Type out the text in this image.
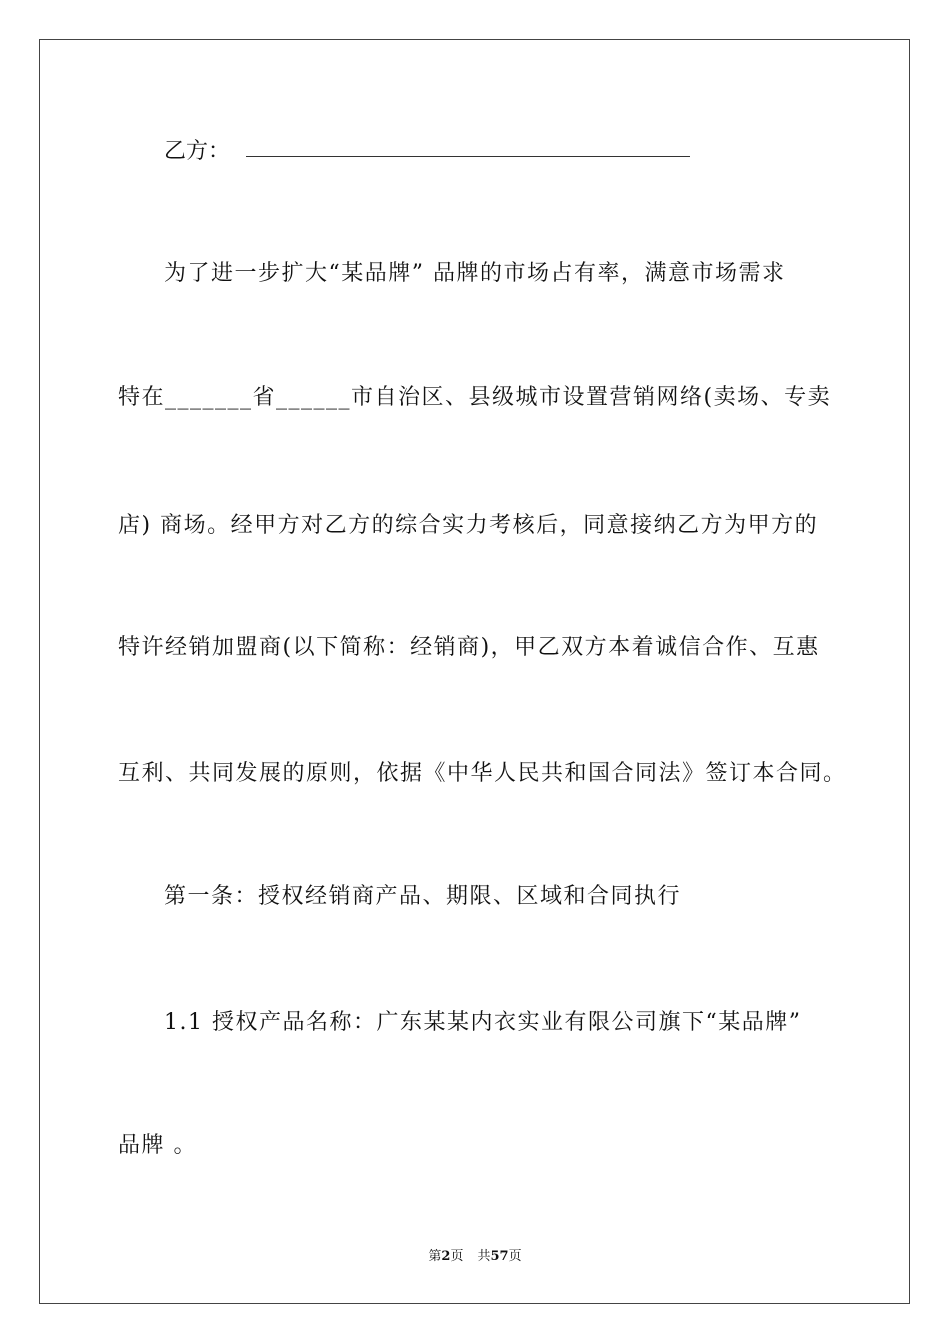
乙方：
为了进一步扩大“某品牌” 品牌的市场占有率，满意市场需求
特在_______省______市自治区、县级城市设置营销网络(卖场、专卖
店) 商场。经甲方对乙方的综合实力考核后，同意接纳乙方为甲方的
特许经销加盟商(以下简称：经销商)，甲乙双方本着诚信合作、互惠
互利、共同发展的原则，依据《中华人民共和国合同法》签订本合同。
第一条：授权经销商产品、期限、区域和合同执行
1.1 授权产品名称：广东某某内衣实业有限公司旗下“某品牌”
品牌 。
第2页 共57页
